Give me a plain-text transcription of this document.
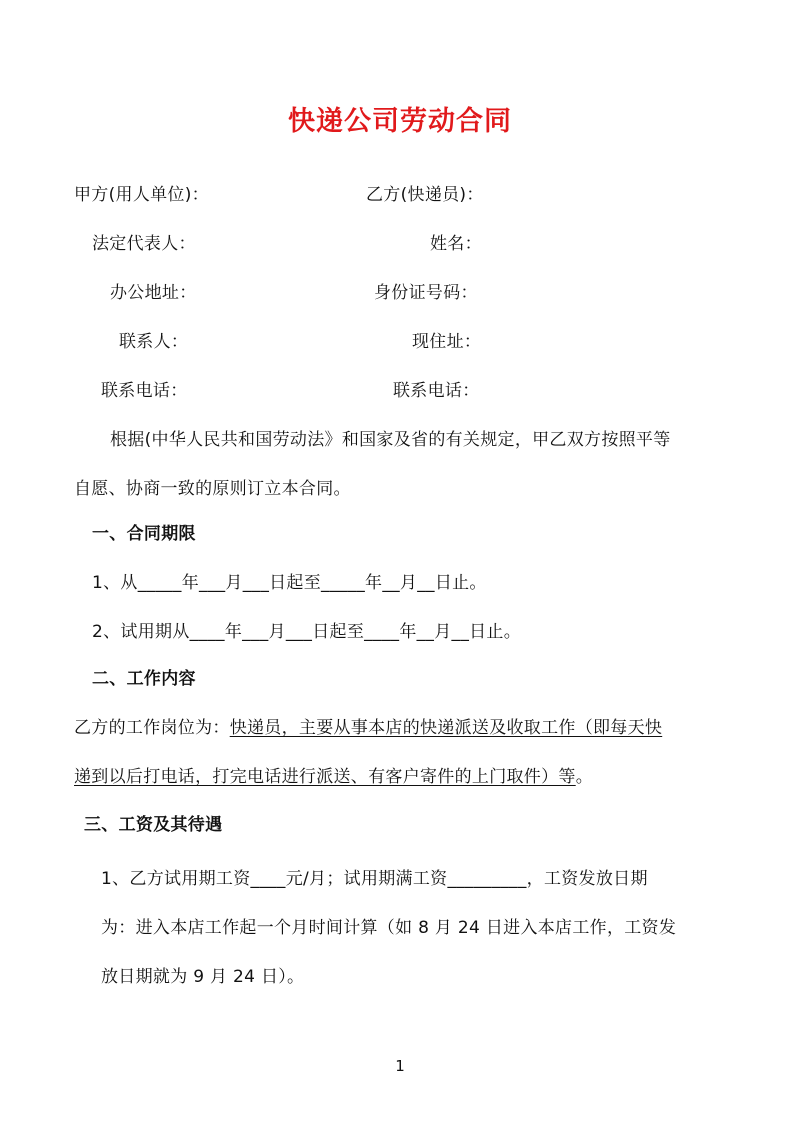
快递公司劳动合同
甲方(用人单位)：	乙方(快递员)：
法定代表人：	姓名：
办公地址：	身份证号码：
联系人：	现住址：
联系电话：	联系电话：
根据(中华人民共和国劳动法》和国家及省的有关规定，甲乙双方按照平等
自愿、协商一致的原则订立本合同。
一、合同期限
1、从_____年___月___日起至_____年__月__日止。
2、试用期从____年___月___日起至____年__月__日止。
二、工作内容
乙方的工作岗位为：快递员，主要从事本店的快递派送及收取工作（即每天快
递到以后打电话，打完电话进行派送、有客户寄件的上门取件）等。
三、工资及其待遇
1、乙方试用期工资____元/月；试用期满工资_________，工资发放日期
为：进入本店工作起一个月时间计算（如 8 月 24 日进入本店工作，工资发
放日期就为 9 月 24 日）。
1
